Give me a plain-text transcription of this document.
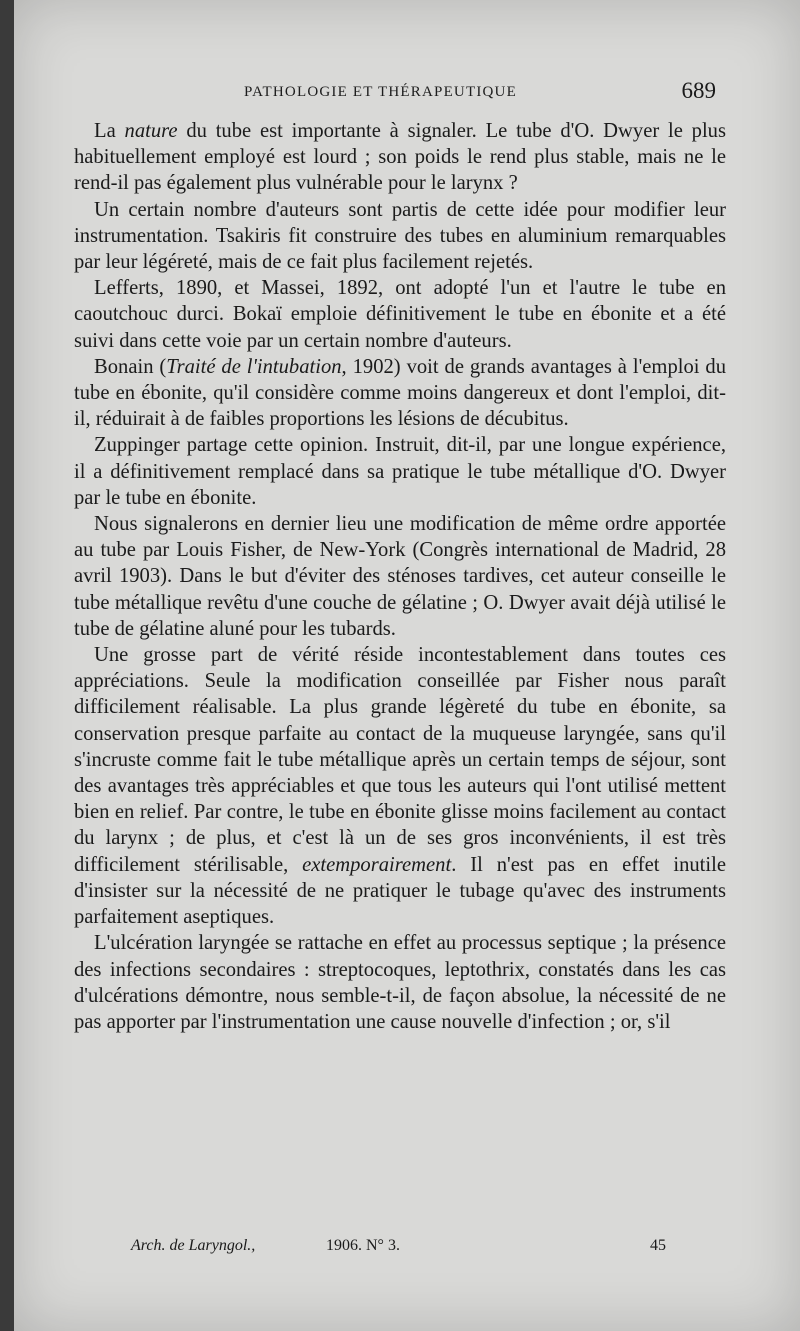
PATHOLOGIE ET THÉRAPEUTIQUE	689

La nature du tube est importante à signaler. Le tube d'O. Dwyer le plus habituellement employé est lourd ; son poids le rend plus stable, mais ne le rend-il pas également plus vulnérable pour le larynx ?

Un certain nombre d'auteurs sont partis de cette idée pour modifier leur instrumentation. Tsakiris fit construire des tubes en aluminium remarquables par leur légéreté, mais de ce fait plus facilement rejetés.

Lefferts, 1890, et Massei, 1892, ont adopté l'un et l'autre le tube en caoutchouc durci. Bokaï emploie définitivement le tube en ébonite et a été suivi dans cette voie par un certain nombre d'auteurs.

Bonain (Traité de l'intubation, 1902) voit de grands avantages à l'emploi du tube en ébonite, qu'il considère comme moins dangereux et dont l'emploi, dit-il, réduirait à de faibles proportions les lésions de décubitus.

Zuppinger partage cette opinion. Instruit, dit-il, par une longue expérience, il a définitivement remplacé dans sa pratique le tube métallique d'O. Dwyer par le tube en ébonite.

Nous signalerons en dernier lieu une modification de même ordre apportée au tube par Louis Fisher, de New-York (Congrès international de Madrid, 28 avril 1903). Dans le but d'éviter des sténoses tardives, cet auteur conseille le tube métallique revêtu d'une couche de gélatine ; O. Dwyer avait déjà utilisé le tube de gélatine aluné pour les tubards.

Une grosse part de vérité réside incontestablement dans toutes ces appréciations. Seule la modification conseillée par Fisher nous paraît difficilement réalisable. La plus grande légèreté du tube en ébonite, sa conservation presque parfaite au contact de la muqueuse laryngée, sans qu'il s'incruste comme fait le tube métallique après un certain temps de séjour, sont des avantages très appréciables et que tous les auteurs qui l'ont utilisé mettent bien en relief. Par contre, le tube en ébonite glisse moins facilement au contact du larynx ; de plus, et c'est là un de ses gros inconvénients, il est très difficilement stérilisable, extemporairement. Il n'est pas en effet inutile d'insister sur la nécessité de ne pratiquer le tubage qu'avec des instruments parfaitement aseptiques.

L'ulcération laryngée se rattache en effet au processus septique ; la présence des infections secondaires : streptocoques, leptothrix, constatés dans les cas d'ulcérations démontre, nous semble-t-il, de façon absolue, la nécessité de ne pas apporter par l'instrumentation une cause nouvelle d'infection ; or, s'il

Arch. de Laryngol.,	1906. N° 3.	45
